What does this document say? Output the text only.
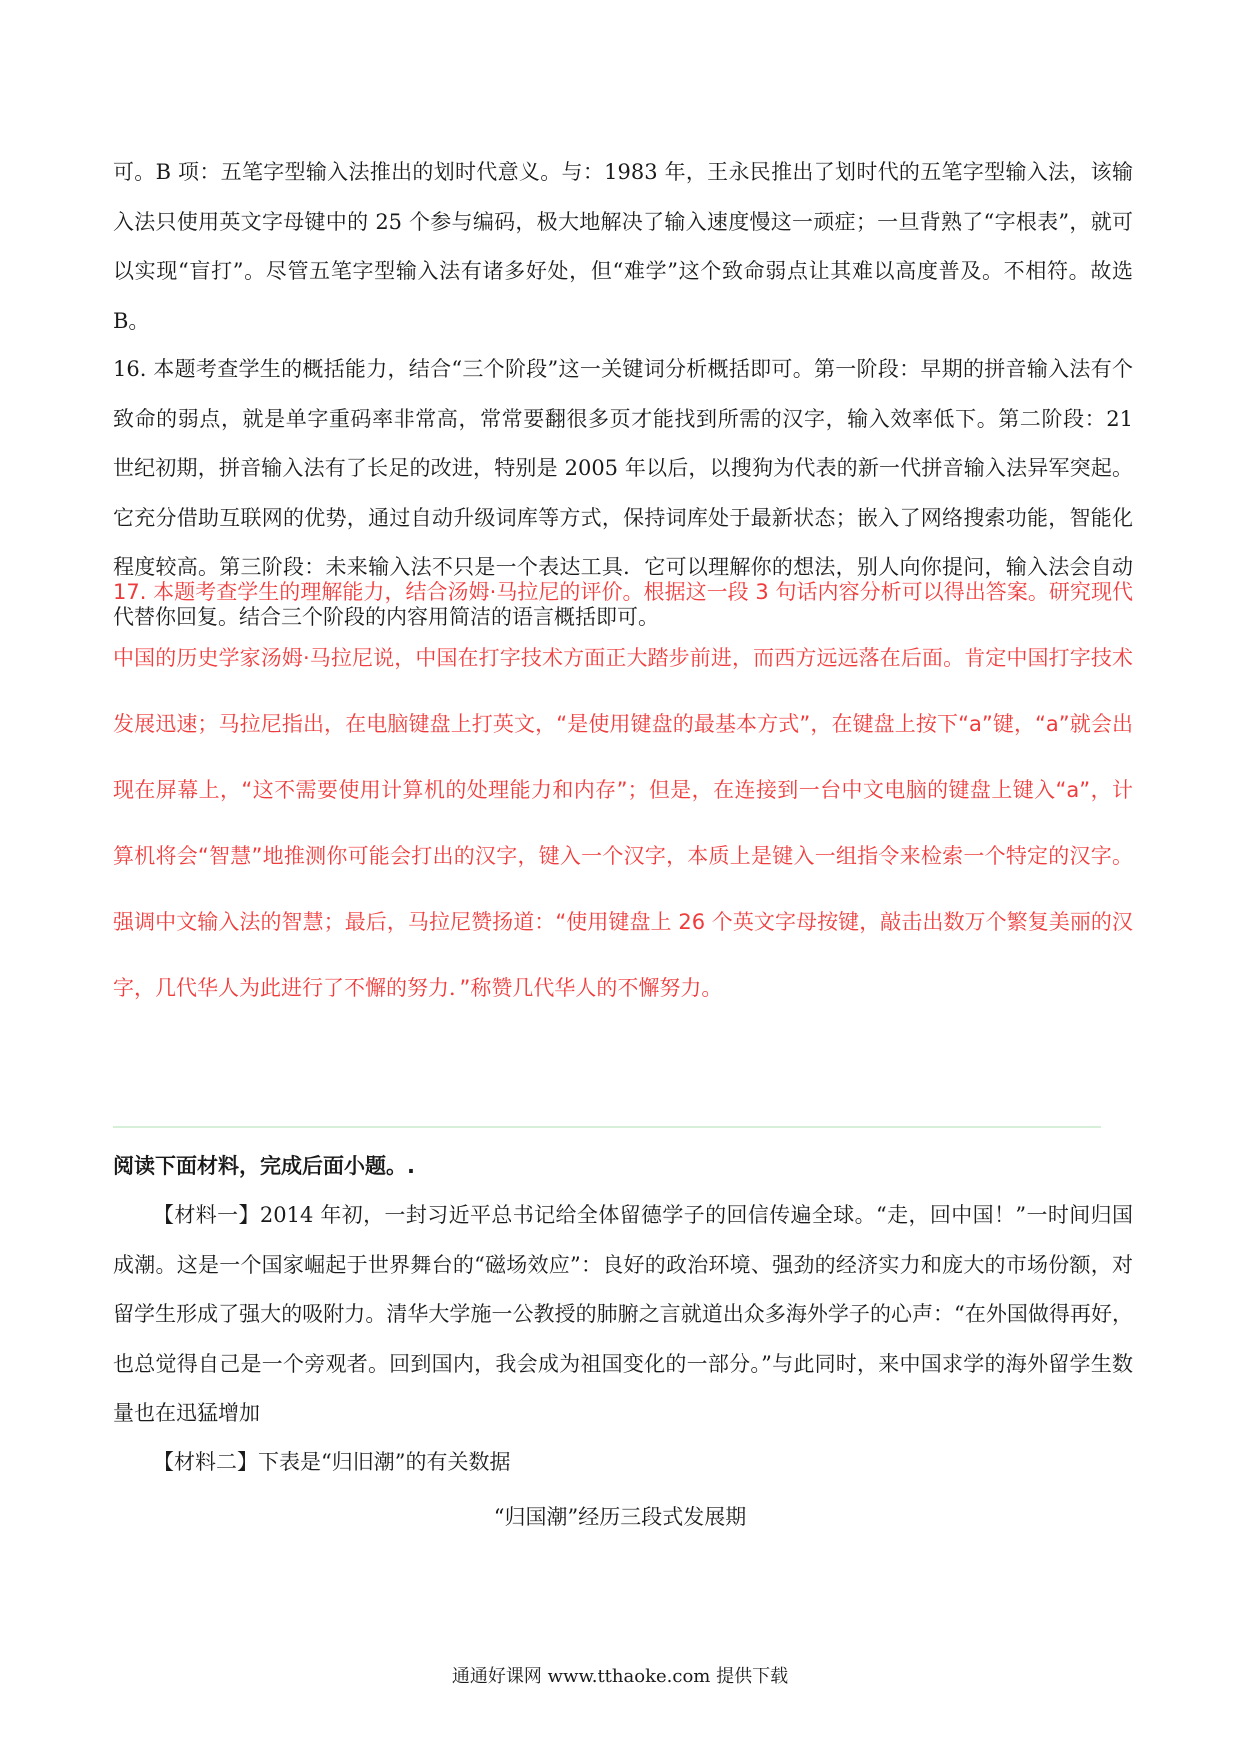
可。B 项：五笔字型输入法推出的划时代意义。与：1983 年，王永民推出了划时代的五笔字型输入法，该输入法只使用英文字母键中的 25 个参与编码，极大地解决了输入速度慢这一顽症；一旦背熟了“字根表”，就可以实现“盲打”。尽管五笔字型输入法有诸多好处，但“难学”这个致命弱点让其难以高度普及。不相符。故选 B。

16. 本题考查学生的概括能力，结合“三个阶段”这一关键词分析概括即可。第一阶段：早期的拼音输入法有个致命的弱点，就是单字重码率非常高，常常要翻很多页才能找到所需的汉字，输入效率低下。第二阶段：21 世纪初期，拼音输入法有了长足的改进，特别是 2005 年以后，以搜狗为代表的新一代拼音输入法异军突起。它充分借助互联网的优势，通过自动升级词库等方式，保持词库处于最新状态；嵌入了网络搜索功能，智能化程度较高。第三阶段：未来输入法不只是一个表达工具．它可以理解你的想法，别人向你提问，输入法会自动代替你回复。结合三个阶段的内容用简洁的语言概括即可。

17. 本题考查学生的理解能力，结合汤姆·马拉尼的评价。根据这一段 3 句话内容分析可以得出答案。研究现代中国的历史学家汤姆·马拉尼说，中国在打字技术方面正大踏步前进，而西方远远落在后面。肯定中国打字技术发展迅速；马拉尼指出，在电脑键盘上打英文，“是使用键盘的最基本方式”，在键盘上按下“a”键，“a”就会出现在屏幕上，“这不需要使用计算机的处理能力和内存”；但是，在连接到一台中文电脑的键盘上键入“a”，计算机将会“智慧”地推测你可能会打出的汉字，键入一个汉字，本质上是键入一组指令来检索一个特定的汉字。强调中文输入法的智慧；最后，马拉尼赞扬道：“使用键盘上 26 个英文字母按键，敲击出数万个繁复美丽的汉字，几代华人为此进行了不懈的努力．”称赞几代华人的不懈努力。

阅读下面材料，完成后面小题。.

【材料一】2014 年初，一封习近平总书记给全体留德学子的回信传遍全球。“走，回中国！”一时间归国成潮。这是一个国家崛起于世界舞台的“磁场效应”：良好的政治环境、强劲的经济实力和庞大的市场份额，对留学生形成了强大的吸附力。清华大学施一公教授的肺腑之言就道出众多海外学子的心声：“在外国做得再好，也总觉得自己是一个旁观者。回到国内，我会成为祖国变化的一部分。”与此同时，来中国求学的海外留学生数量也在迅猛增加

【材料二】下表是“归旧潮”的有关数据

“归国潮”经历三段式发展期
通通好课网 www.tthaoke.com 提供下载
